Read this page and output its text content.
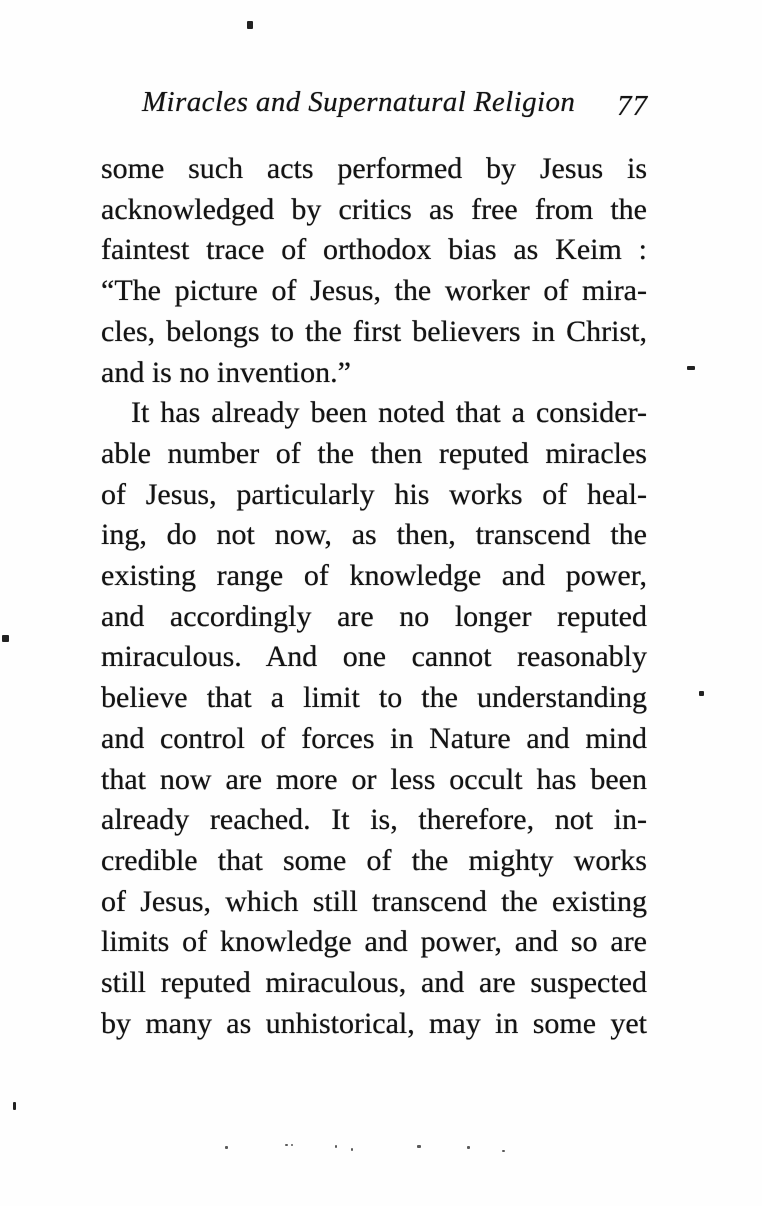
Miracles and Supernatural Religion 77
some such acts performed by Jesus is
acknowledged by critics as free from the
faintest trace of orthodox bias as Keim :
“The picture of Jesus, the worker of mira-
cles, belongs to the first believers in Christ,
and is no invention.”
It has already been noted that a consider-
able number of the then reputed miracles
of Jesus, particularly his works of heal-
ing, do not now, as then, transcend the
existing range of knowledge and power,
and accordingly are no longer reputed
miraculous. And one cannot reasonably
believe that a limit to the understanding
and control of forces in Nature and mind
that now are more or less occult has been
already reached. It is, therefore, not in-
credible that some of the mighty works
of Jesus, which still transcend the existing
limits of knowledge and power, and so are
still reputed miraculous, and are suspected
by many as unhistorical, may in some yet
